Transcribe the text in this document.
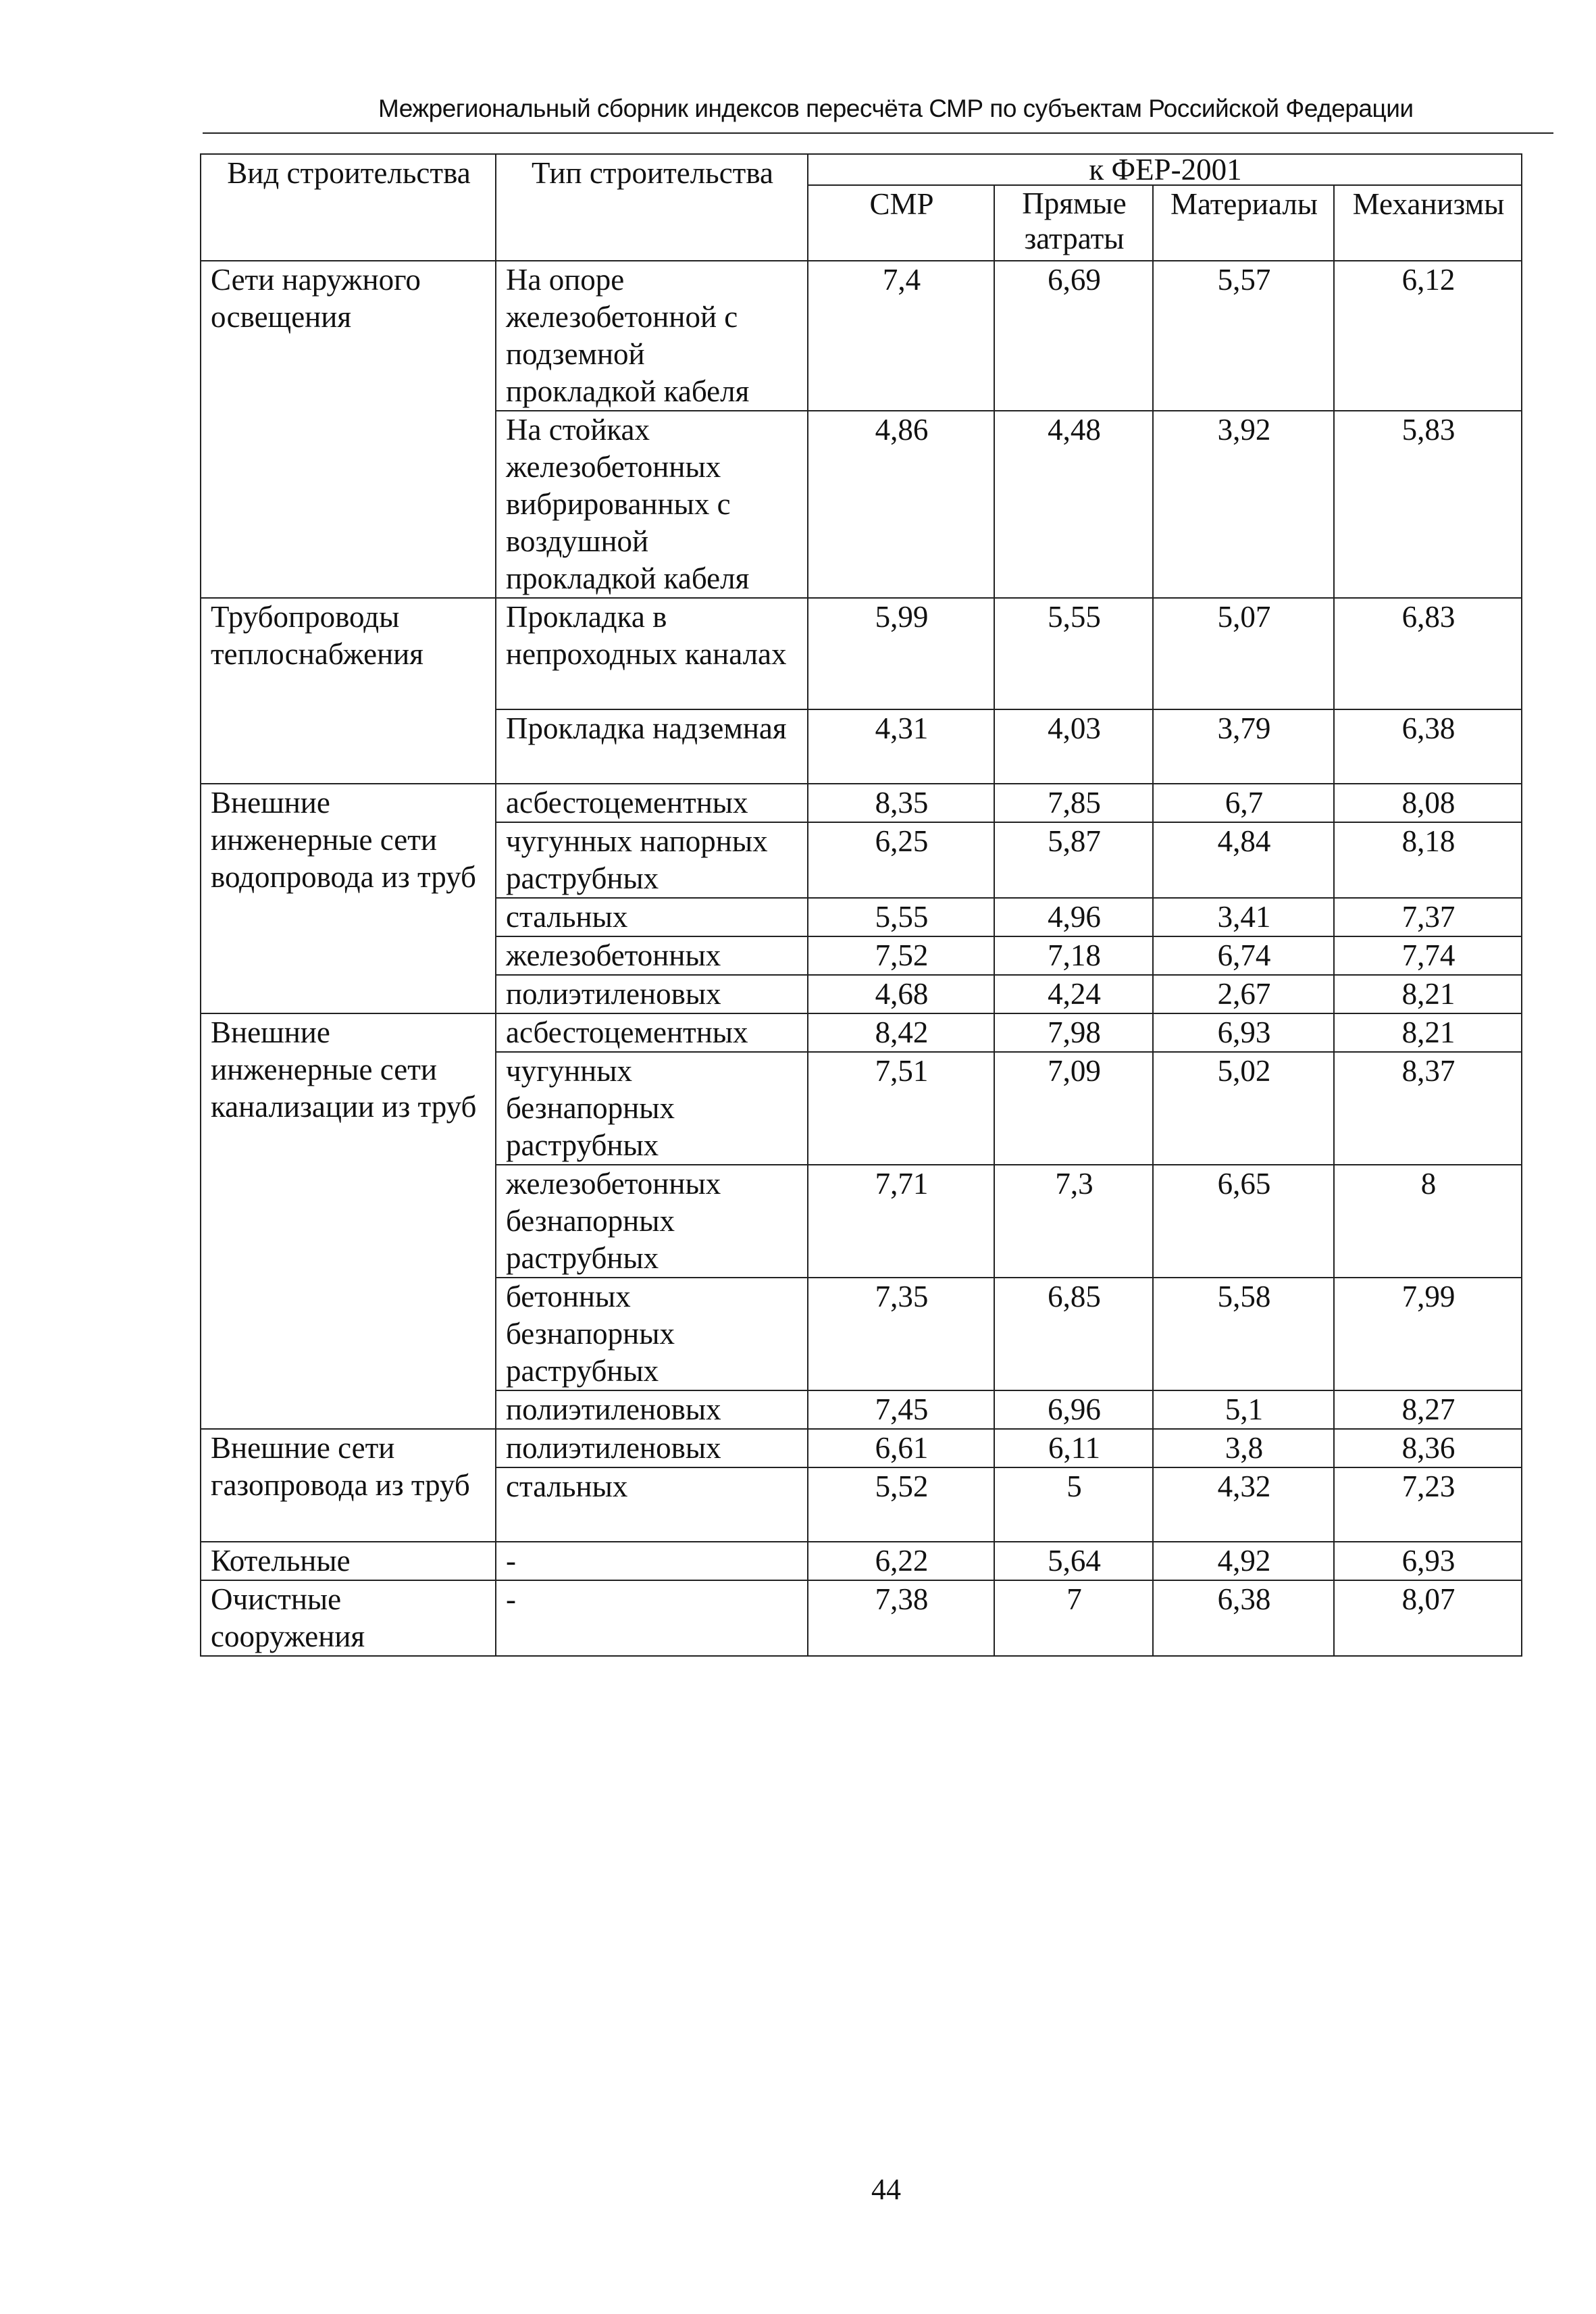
Межрегиональный сборник индексов пересчёта СМР по субъектам Российской Федерации
Вид строительства	Тип строительства	к ФЕР-2001			
		СМР	Прямые затраты	Материалы	Механизмы
Сети наружного освещения	На опоре железобетонной с подземной прокладкой кабеля	7,4	6,69	5,57	6,12
	На стойках железобетонных вибрированных с воздушной прокладкой кабеля	4,86	4,48	3,92	5,83
Трубопроводы теплоснабжения	Прокладка в непроходных каналах	5,99	5,55	5,07	6,83
	Прокладка надземная	4,31	4,03	3,79	6,38
Внешние инженерные сети водопровода из труб	асбестоцементных	8,35	7,85	6,7	8,08
	чугунных напорных раструбных	6,25	5,87	4,84	8,18
	стальных	5,55	4,96	3,41	7,37
	железобетонных	7,52	7,18	6,74	7,74
	полиэтиленовых	4,68	4,24	2,67	8,21
Внешние инженерные сети канализации из труб	асбестоцементных	8,42	7,98	6,93	8,21
	чугунных безнапорных раструбных	7,51	7,09	5,02	8,37
	железобетонных безнапорных раструбных	7,71	7,3	6,65	8
	бетонных безнапорных раструбных	7,35	6,85	5,58	7,99
	полиэтиленовых	7,45	6,96	5,1	8,27
Внешние сети газопровода из труб	полиэтиленовых	6,61	6,11	3,8	8,36
	стальных	5,52	5	4,32	7,23
Котельные	-	6,22	5,64	4,92	6,93
Очистные сооружения	-	7,38	7	6,38	8,07
44
